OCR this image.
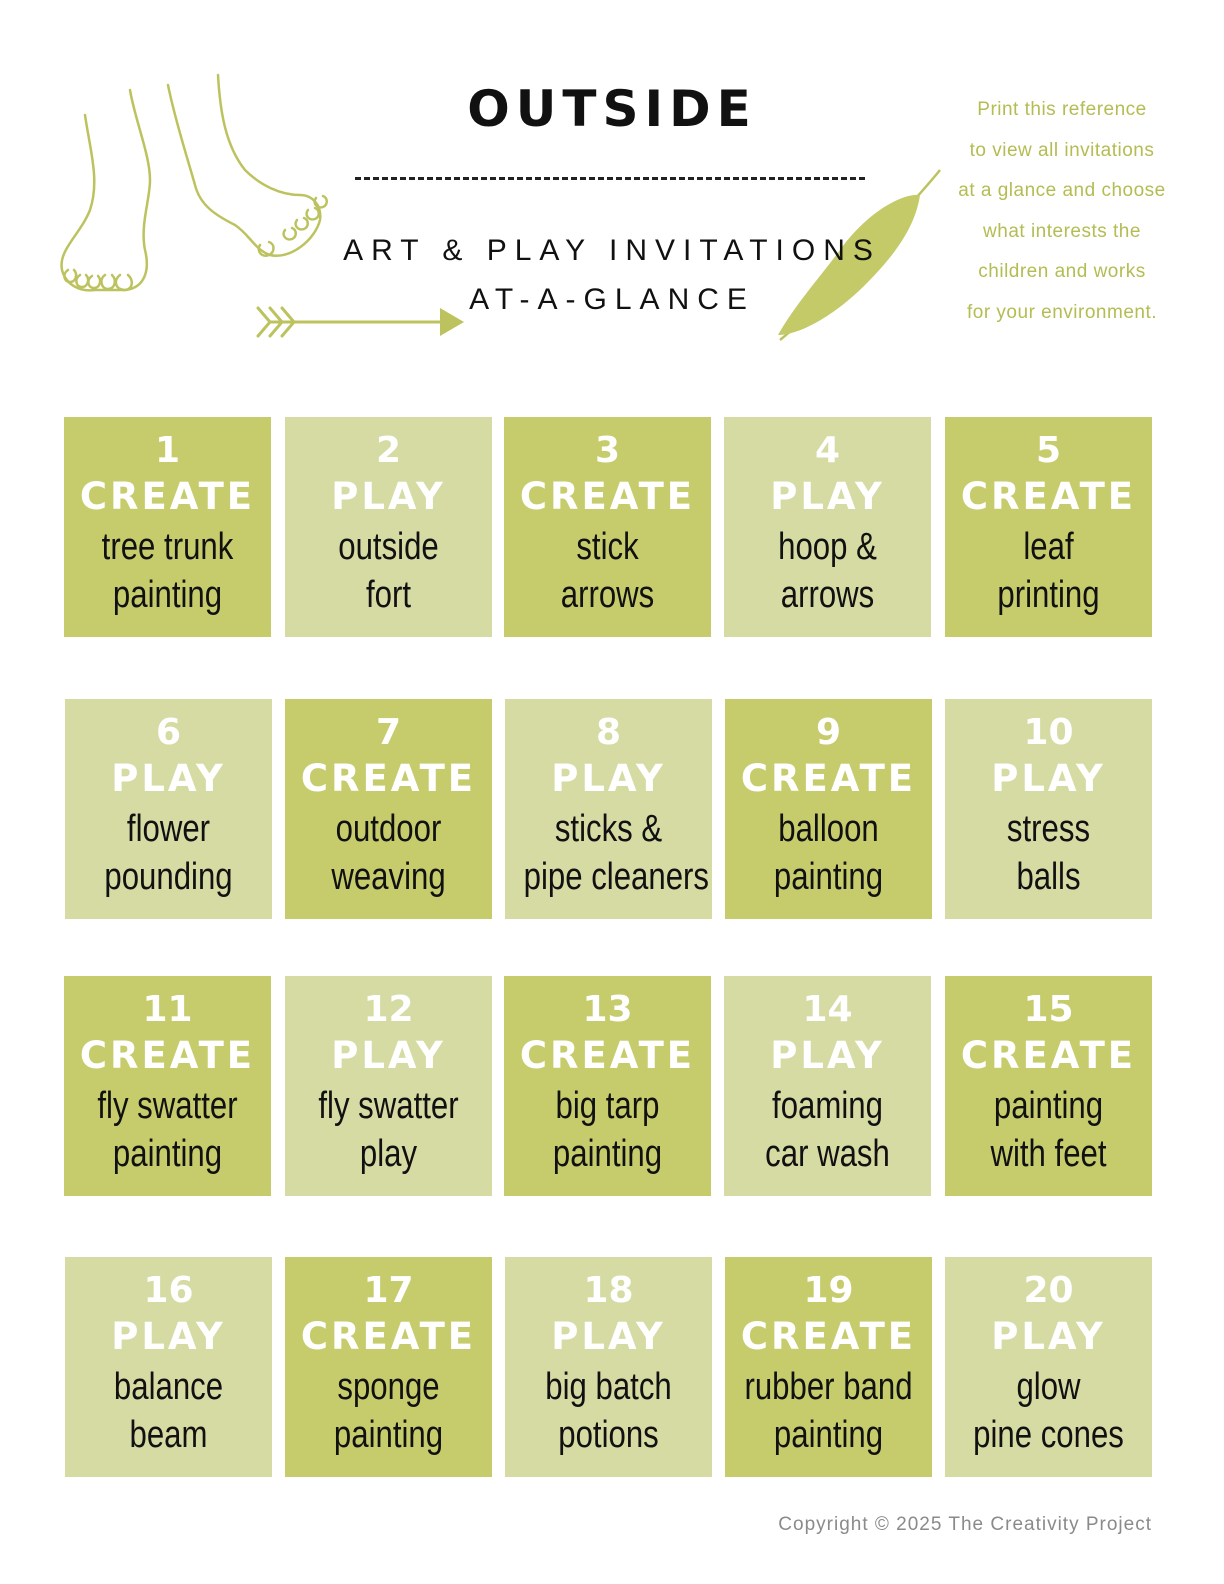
OUTSIDE
ART & PLAY INVITATIONS
AT-A-GLANCE
Print this reference
to view all invitations
at a glance and choose
what interests the
children and works
for your environment.
1
CREATE
tree trunk
painting
2
PLAY
outside
fort
3
CREATE
stick
arrows
4
PLAY
hoop &
arrows
5
CREATE
leaf
printing
6
PLAY
flower
pounding
7
CREATE
outdoor
weaving
8
PLAY
sticks &
pipe cleaners
9
CREATE
balloon
painting
10
PLAY
stress
balls
11
CREATE
fly swatter
painting
12
PLAY
fly swatter
play
13
CREATE
big tarp
painting
14
PLAY
foaming
car wash
15
CREATE
painting
with feet
16
PLAY
balance
beam
17
CREATE
sponge
painting
18
PLAY
big batch
potions
19
CREATE
rubber band
painting
20
PLAY
glow
pine cones
Copyright © 2025 The Creativity Project
